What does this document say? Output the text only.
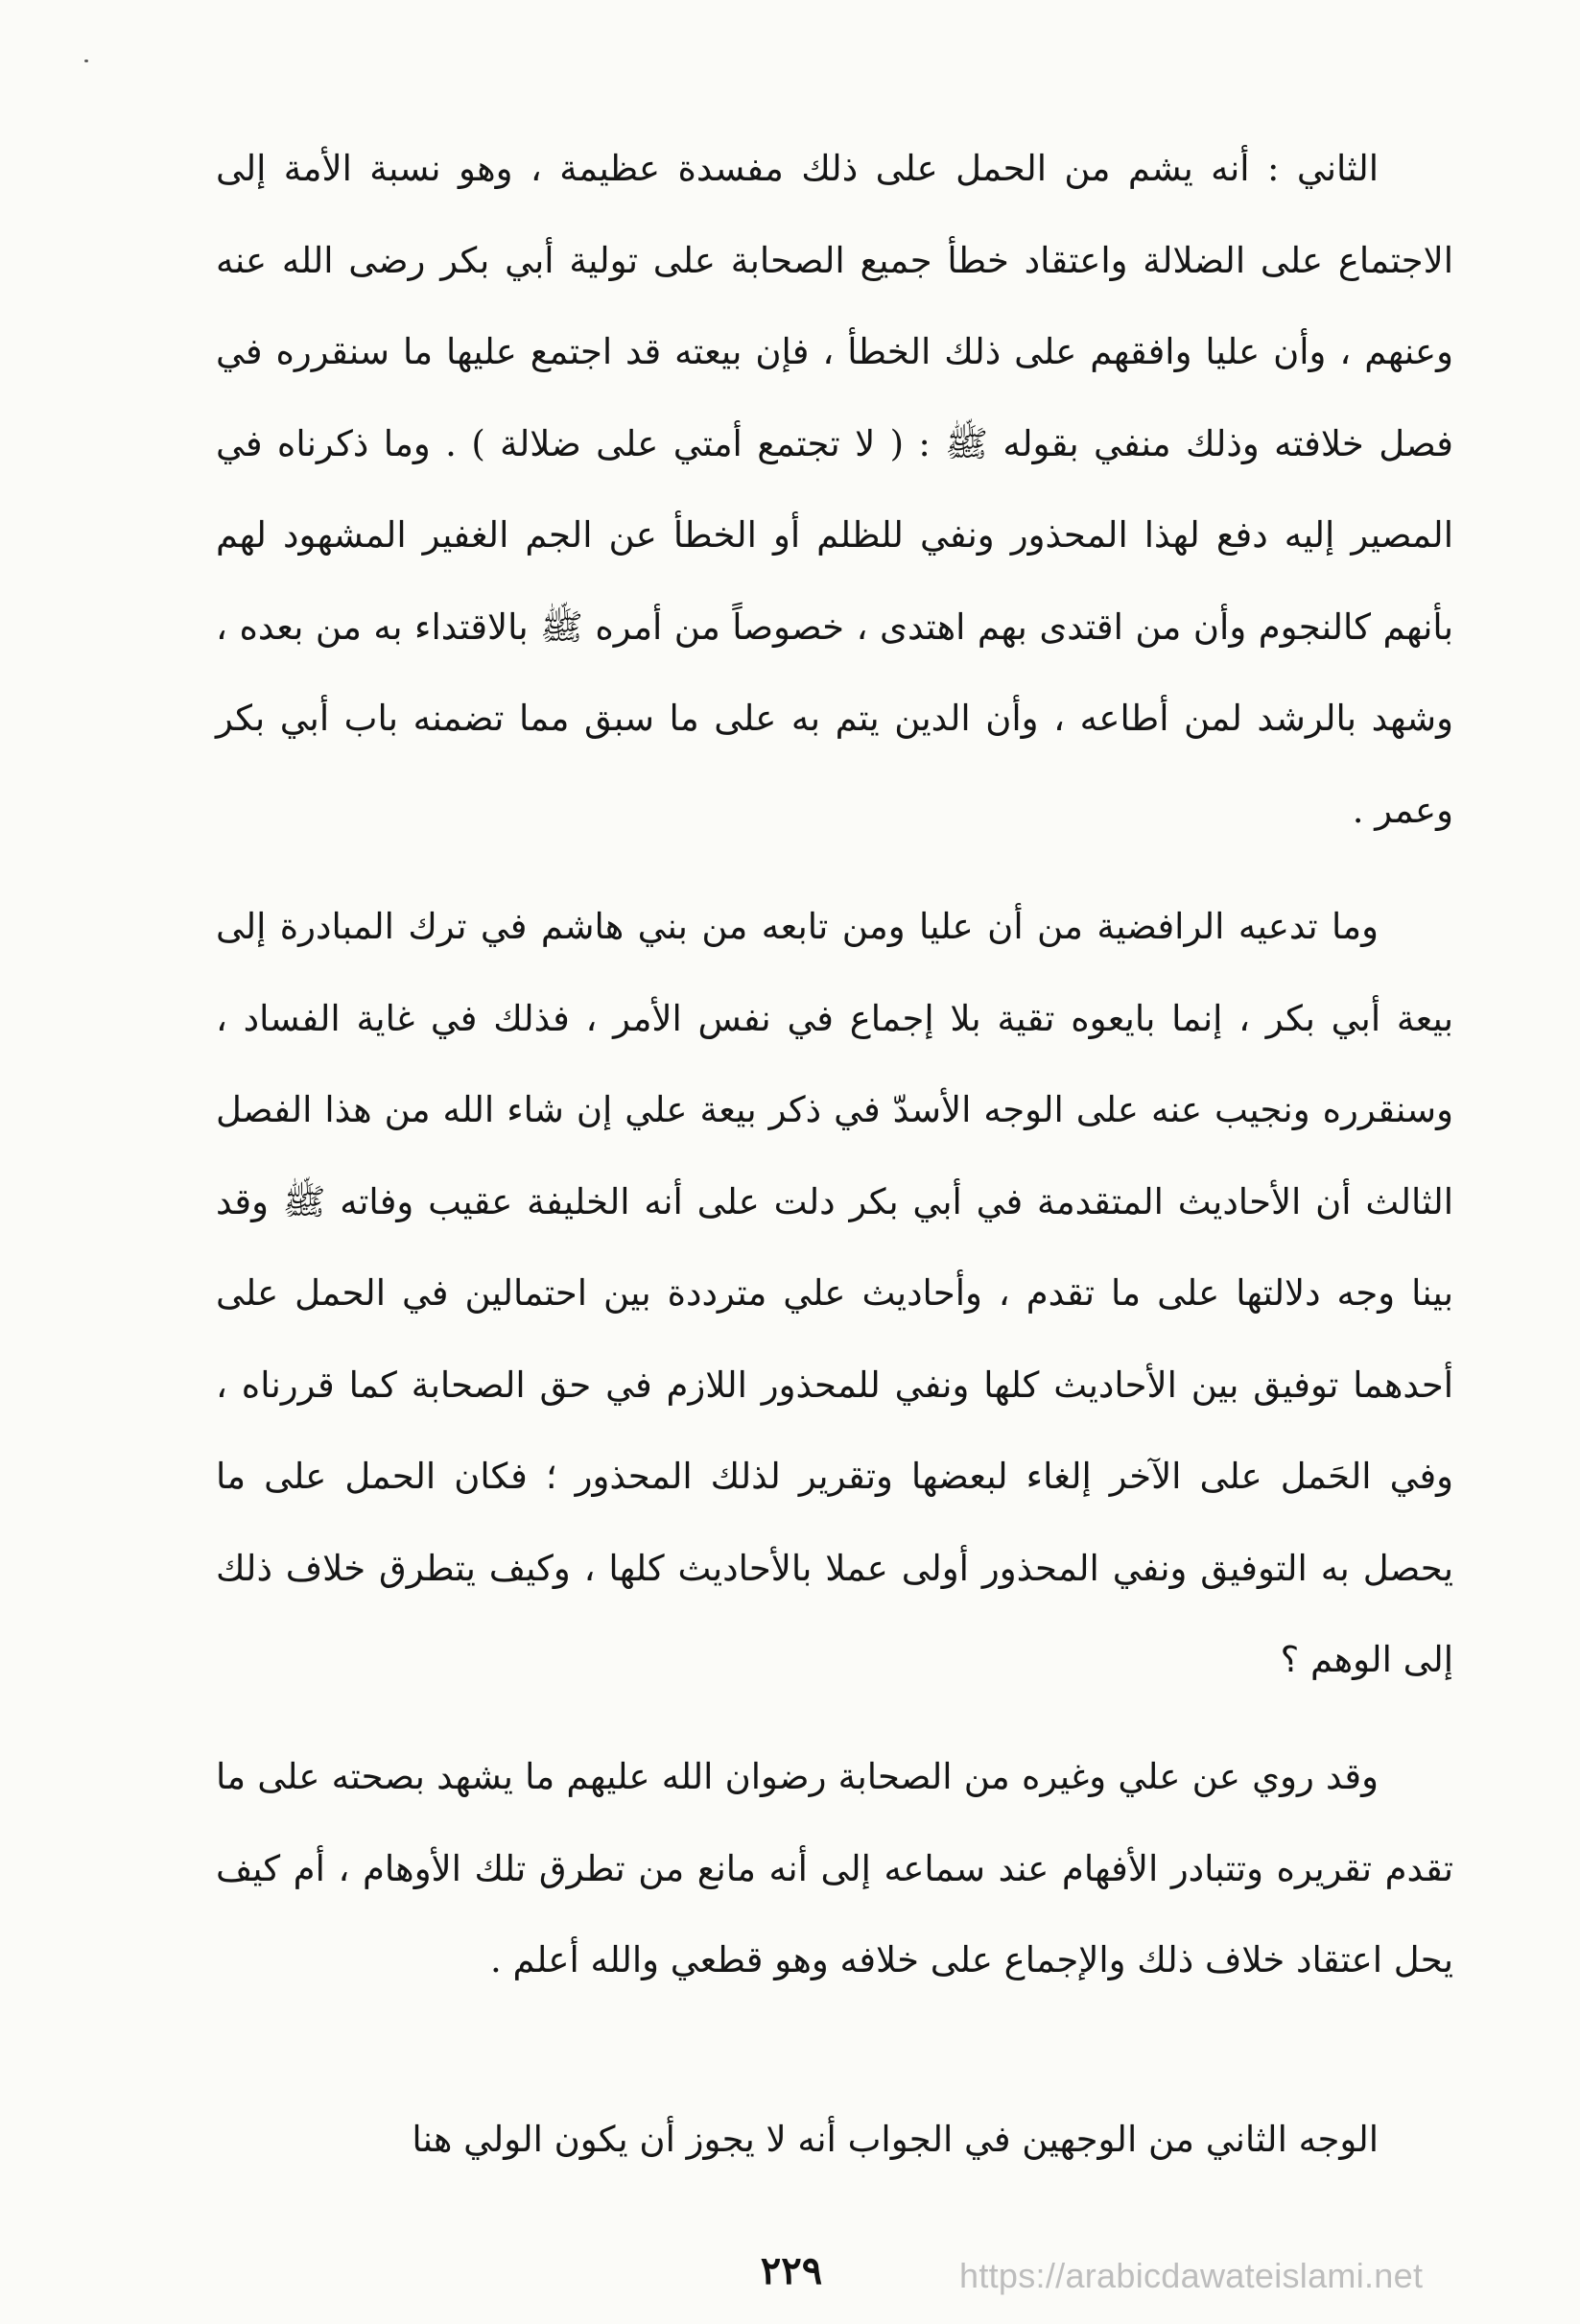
الثاني : أنه يشم من الحمل على ذلك مفسدة عظيمة ، وهو نسبة الأمة إلى الاجتماع على الضلالة واعتقاد خطأ جميع الصحابة على تولية أبي بكر رضى الله عنه وعنهم ، وأن عليا وافقهم على ذلك الخطأ ، فإن بيعته قد اجتمع عليها ما سنقرره في فصل خلافته وذلك منفي بقوله ﷺ : ( لا تجتمع أمتي على ضلالة ) . وما ذكرناه في المصير إليه دفع لهذا المحذور ونفي للظلم أو الخطأ عن الجم الغفير المشهود لهم بأنهم كالنجوم وأن من اقتدى بهم اهتدى ، خصوصاً من أمره ﷺ بالاقتداء به من بعده ، وشهد بالرشد لمن أطاعه ، وأن الدين يتم به على ما سبق مما تضمنه باب أبي بكر وعمر .

وما تدعيه الرافضية من أن عليا ومن تابعه من بني هاشم في ترك المبادرة إلى بيعة أبي بكر ، إنما بايعوه تقية بلا إجماع في نفس الأمر ، فذلك في غاية الفساد ، وسنقرره ونجيب عنه على الوجه الأسدّ في ذكر بيعة علي إن شاء الله من هذا الفصل الثالث أن الأحاديث المتقدمة في أبي بكر دلت على أنه الخليفة عقيب وفاته ﷺ وقد بينا وجه دلالتها على ما تقدم ، وأحاديث علي مترددة بين احتمالين في الحمل على أحدهما توفيق بين الأحاديث كلها ونفي للمحذور اللازم في حق الصحابة كما قررناه ، وفي الحَمل على الآخر إلغاء لبعضها وتقرير لذلك المحذور ؛ فكان الحمل على ما يحصل به التوفيق ونفي المحذور أولى عملا بالأحاديث كلها ، وكيف يتطرق خلاف ذلك إلى الوهم ؟

وقد روي عن علي وغيره من الصحابة رضوان الله عليهم ما يشهد بصحته على ما تقدم تقريره وتتبادر الأفهام عند سماعه إلى أنه مانع من تطرق تلك الأوهام ، أم كيف يحل اعتقاد خلاف ذلك والإجماع على خلافه وهو قطعي والله أعلم .

الوجه الثاني من الوجهين في الجواب أنه لا يجوز أن يكون الولي هنا

٢٢٩	https://arabicdawateislami.net
